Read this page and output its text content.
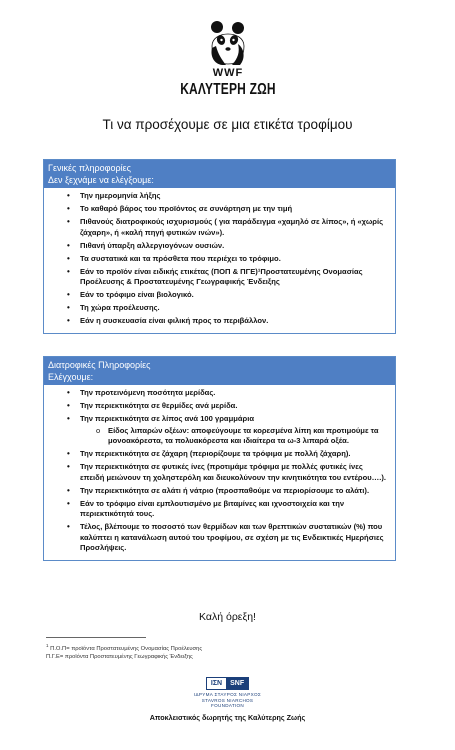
WWF
ΚΑΛΥΤΕΡΗ ΖΩΗ
Τι να προσέχουμε σε μια ετικέτα τροφίμου
Γενικές πληροφορίες
Δεν ξεχνάμε να ελέγξουμε:
• Την ημερομηνία λήξης
• Το καθαρό βάρος του προϊόντος σε συνάρτηση με την τιμή
• Πιθανούς διατροφικούς ισχυρισμούς ( για παράδειγμα «χαμηλό σε λίπος», ή «χωρίς ζάχαρη», ή «καλή πηγή φυτικών ινών»).
• Πιθανή ύπαρξη αλλεργιογόνων ουσιών.
• Τα συστατικά και τα πρόσθετα που περιέχει το τρόφιμο.
• Εάν το προϊόν είναι ειδικής ετικέτας (ΠΟΠ & ΠΓΕ)¹Προστατευμένης Ονομασίας Προέλευσης & Προστατευμένης Γεωγραφικής Ένδειξης
• Εάν το τρόφιμο είναι βιολογικό.
• Τη χώρα προέλευσης.
• Εάν η συσκευασία είναι φιλική προς το περιβάλλον.
Διατροφικές Πληροφορίες
Ελέγχουμε:
• Την προτεινόμενη ποσότητα μερίδας.
• Την περιεκτικότητα σε θερμίδες ανά μερίδα.
• Την περιεκτικότητα σε λίπος ανά 100 γραμμάρια
o Είδος λιπαρών οξέων: αποφεύγουμε τα κορεσμένα λίπη και προτιμούμε τα μονοακόρεστα, τα πολυακόρεστα και ιδιαίτερα τα ω-3 λιπαρά οξέα.
• Την περιεκτικότητα σε ζάχαρη (περιορίζουμε τα τρόφιμα με πολλή ζάχαρη).
• Την περιεκτικότητα σε φυτικές ίνες (προτιμάμε τρόφιμα με πολλές φυτικές ίνες επειδή μειώνουν τη χοληστερόλη και διευκολύνουν την κινητικότητα του εντέρου….).
• Την περιεκτικότητα σε αλάτι ή νάτριο (προσπαθούμε να περιορίσουμε το αλάτι).
• Εάν το τρόφιμο είναι εμπλουτισμένο με βιταμίνες και ιχνοστοιχεία και την περιεκτικότητά τους.
• Τέλος, βλέπουμε το ποσοστό των θερμίδων και των θρεπτικών συστατικών (%) που καλύπτει η κατανάλωση αυτού του τροφίμου, σε σχέση με τις Ενδεικτικές Ημερήσιες Προσλήψεις.
Καλή όρεξη!
$^1$ Π.Ο.Π= προϊόντα Προστατευμένης Ονομασίας Προέλευσης
Π.Γ.Ε= προϊόντα Προστατευμένης Γεωγραφικής Ένδειξης
ΙΣΝ	SNF
ΙΔΡΥΜΑ ΣΤΑΥΡΟΣ ΝΙΑΡΧΟΣ
STAVROS NIARCHOS
FOUNDATION
Αποκλειστικός δωρητής της Καλύτερης Ζωής
